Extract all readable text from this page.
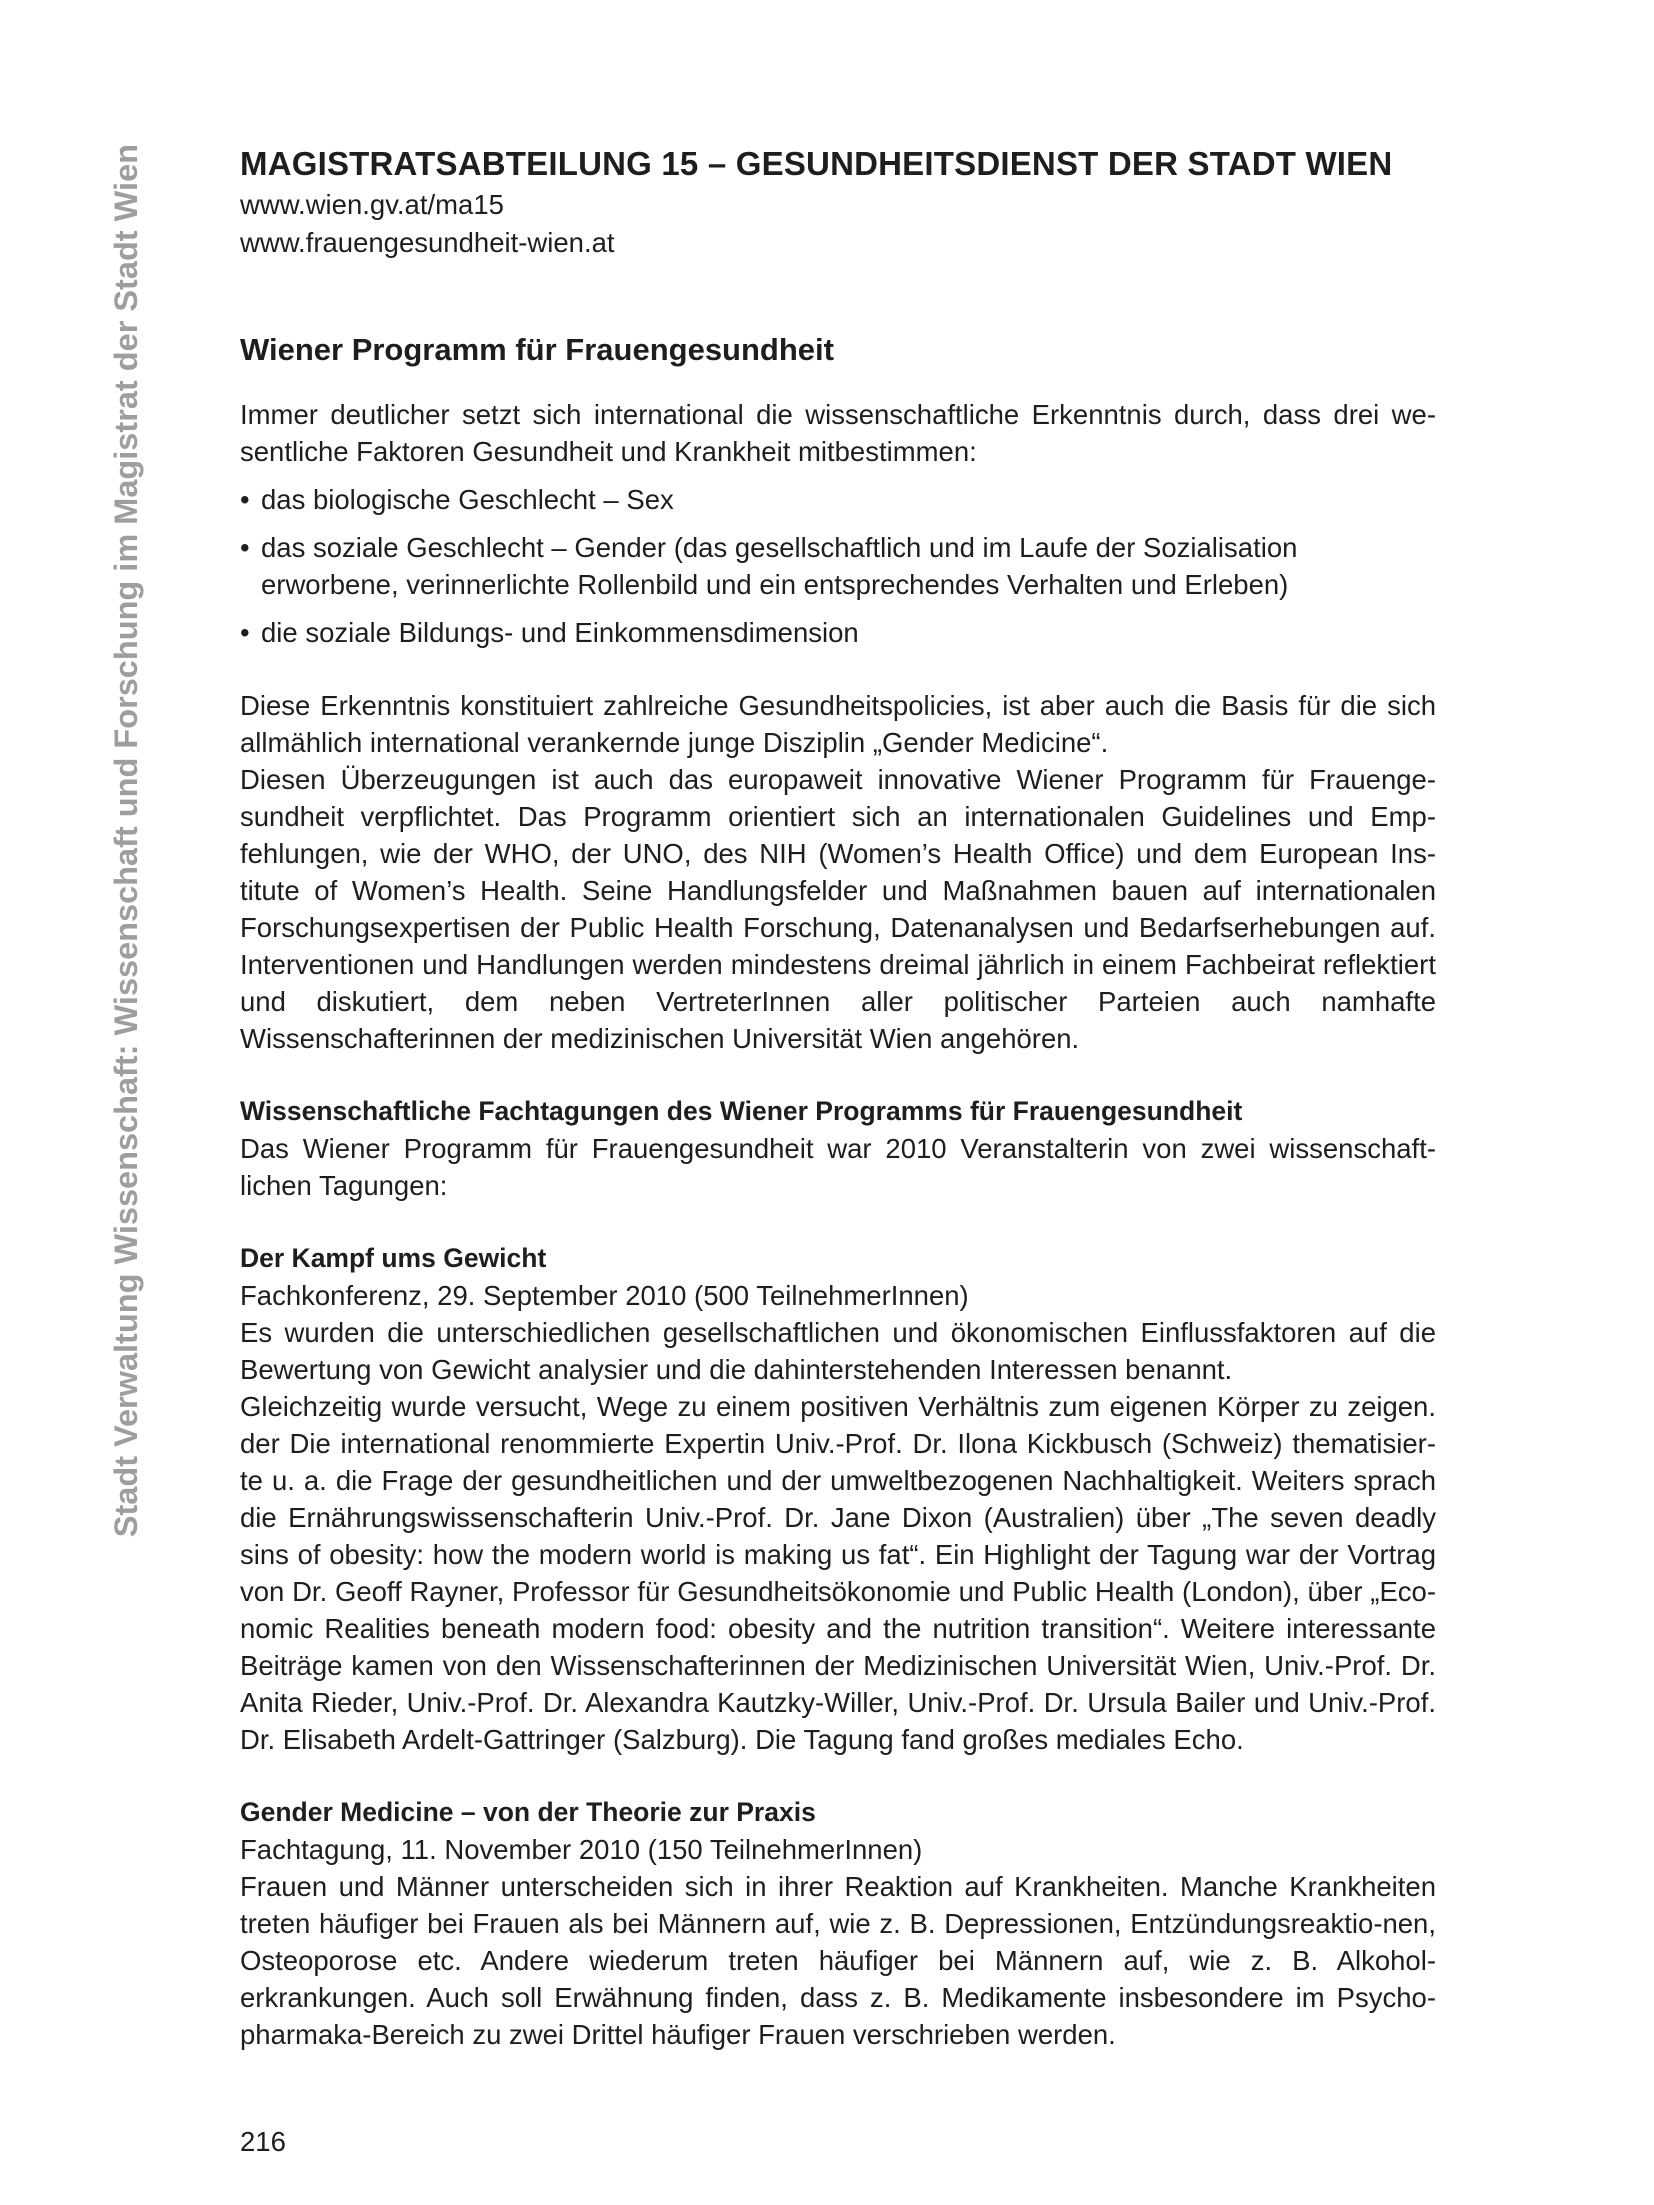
Stadt Verwaltung Wissenschaft: Wissenschaft und Forschung im Magistrat der Stadt Wien	MAGISTRATSABTEILUNG 15 – GESUNDHEITSDIENST DER STADT WIEN

www.wien.gv.at/ma15

www.frauengesundheit-wien.at

Wiener Programm für Frauengesundheit

Immer deutlicher setzt sich international die wissenschaftliche Erkenntnis durch, dass drei we-sentliche Faktoren Gesundheit und Krankheit mitbestimmen:

• das biologische Geschlecht – Sex
• das soziale Geschlecht – Gender (das gesellschaftlich und im Laufe der Sozialisation erworbene, verinnerlichte Rollenbild und ein entsprechendes Verhalten und Erleben)
• die soziale Bildungs- und Einkommensdimension

Diese Erkenntnis konstituiert zahlreiche Gesundheitspolicies, ist aber auch die Basis für die sich allmählich international verankernde junge Disziplin „Gender Medicine“.

Diesen Überzeugungen ist auch das europaweit innovative Wiener Programm für Frauenge-sundheit verpflichtet. Das Programm orientiert sich an internationalen Guidelines und Emp-fehlungen, wie der WHO, der UNO, des NIH (Women’s Health Office) und dem European Ins-titute of Women’s Health. Seine Handlungsfelder und Maßnahmen bauen auf internationalen Forschungsexpertisen der Public Health Forschung, Datenanalysen und Bedarfserhebungen auf. Interventionen und Handlungen werden mindestens dreimal jährlich in einem Fachbeirat reflektiert und diskutiert, dem neben VertreterInnen aller politischer Parteien auch namhafte Wissenschafterinnen der medizinischen Universität Wien angehören.

Wissenschaftliche Fachtagungen des Wiener Programms für Frauengesundheit

Das Wiener Programm für Frauengesundheit war 2010 Veranstalterin von zwei wissenschaft-lichen Tagungen:

Der Kampf ums Gewicht

Fachkonferenz, 29. September 2010 (500 TeilnehmerInnen)

Es wurden die unterschiedlichen gesellschaftlichen und ökonomischen Einflussfaktoren auf die Bewertung von Gewicht analysier und die dahinterstehenden Interessen benannt.

Gleichzeitig wurde versucht, Wege zu einem positiven Verhältnis zum eigenen Körper zu zeigen. der Die international renommierte Expertin Univ.-Prof. Dr. Ilona Kickbusch (Schweiz) thematisier-te u. a. die Frage der gesundheitlichen und der umweltbezogenen Nachhaltigkeit. Weiters sprach die Ernährungswissenschafterin Univ.-Prof. Dr. Jane Dixon (Australien) über „The seven deadly sins of obesity: how the modern world is making us fat“. Ein Highlight der Tagung war der Vortrag von Dr. Geoff Rayner, Professor für Gesundheitsökonomie und Public Health (London), über „Eco-nomic Realities beneath modern food: obesity and the nutrition transition“. Weitere interessante Beiträge kamen von den Wissenschafterinnen der Medizinischen Universität Wien, Univ.-Prof. Dr. Anita Rieder, Univ.-Prof. Dr. Alexandra Kautzky-Willer, Univ.-Prof. Dr. Ursula Bailer und Univ.-Prof. Dr. Elisabeth Ardelt-Gattringer (Salzburg). Die Tagung fand großes mediales Echo.

Gender Medicine – von der Theorie zur Praxis

Fachtagung, 11. November 2010 (150 TeilnehmerInnen)

Frauen und Männer unterscheiden sich in ihrer Reaktion auf Krankheiten. Manche Krankheiten treten häufiger bei Frauen als bei Männern auf, wie z. B. Depressionen, Entzündungsreaktio-nen, Osteoporose etc. Andere wiederum treten häufiger bei Männern auf, wie z. B. Alkohol-erkrankungen. Auch soll Erwähnung finden, dass z. B. Medikamente insbesondere im Psycho-pharmaka-Bereich zu zwei Drittel häufiger Frauen verschrieben werden.

216
